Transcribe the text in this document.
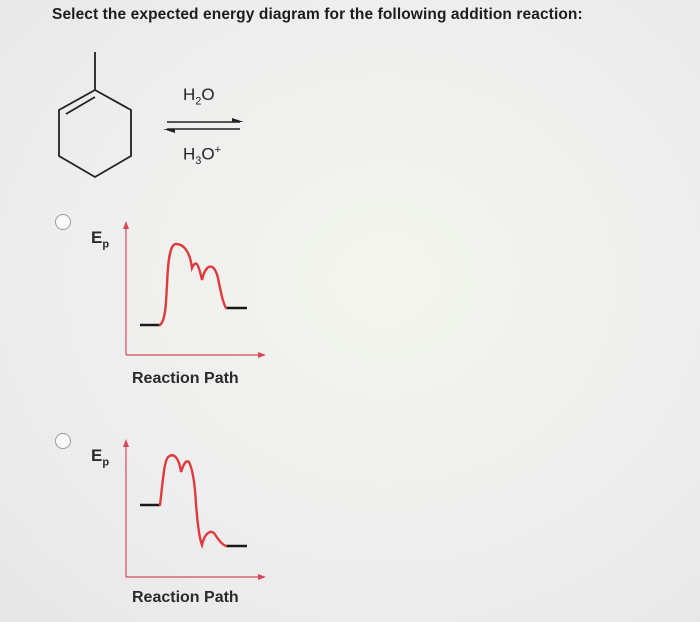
Select the expected energy diagram for the following addition reaction:
$H_2O$
$H_3O^+$
$E_p$
Reaction Path
$E_p$
Reaction Path
